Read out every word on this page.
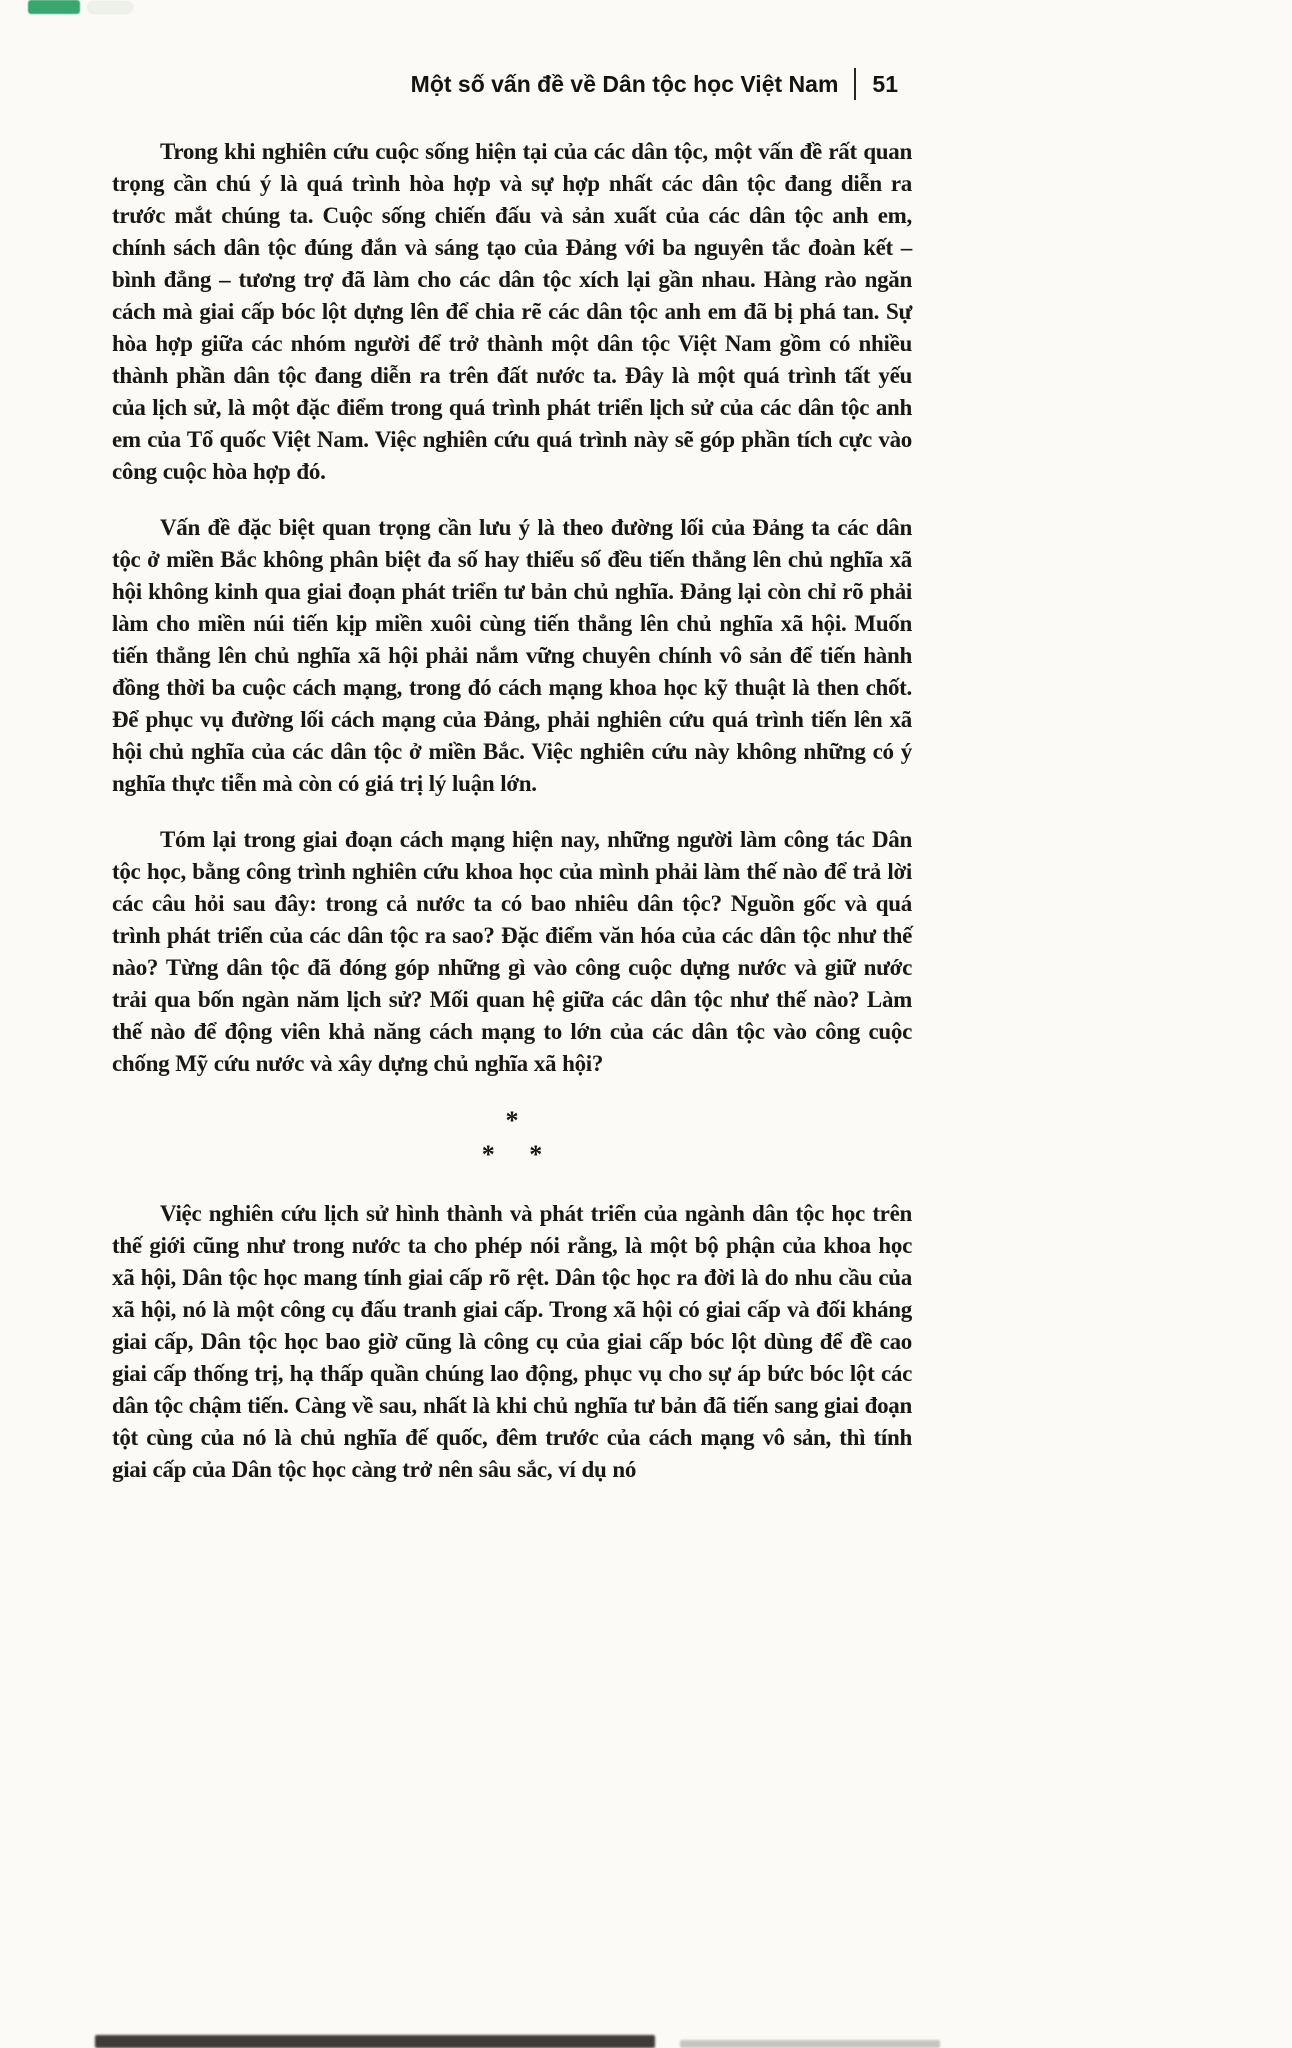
Một số vấn đề về Dân tộc học Việt Nam 51

Trong khi nghiên cứu cuộc sống hiện tại của các dân tộc, một vấn đề rất quan trọng cần chú ý là quá trình hòa hợp và sự hợp nhất các dân tộc đang diễn ra trước mắt chúng ta. Cuộc sống chiến đấu và sản xuất của các dân tộc anh em, chính sách dân tộc đúng đắn và sáng tạo của Đảng với ba nguyên tắc đoàn kết – bình đẳng – tương trợ đã làm cho các dân tộc xích lại gần nhau. Hàng rào ngăn cách mà giai cấp bóc lột dựng lên để chia rẽ các dân tộc anh em đã bị phá tan. Sự hòa hợp giữa các nhóm người để trở thành một dân tộc Việt Nam gồm có nhiều thành phần dân tộc đang diễn ra trên đất nước ta. Đây là một quá trình tất yếu của lịch sử, là một đặc điểm trong quá trình phát triển lịch sử của các dân tộc anh em của Tổ quốc Việt Nam. Việc nghiên cứu quá trình này sẽ góp phần tích cực vào công cuộc hòa hợp đó.

Vấn đề đặc biệt quan trọng cần lưu ý là theo đường lối của Đảng ta các dân tộc ở miền Bắc không phân biệt đa số hay thiểu số đều tiến thẳng lên chủ nghĩa xã hội không kinh qua giai đoạn phát triển tư bản chủ nghĩa. Đảng lại còn chỉ rõ phải làm cho miền núi tiến kịp miền xuôi cùng tiến thẳng lên chủ nghĩa xã hội. Muốn tiến thẳng lên chủ nghĩa xã hội phải nắm vững chuyên chính vô sản để tiến hành đồng thời ba cuộc cách mạng, trong đó cách mạng khoa học kỹ thuật là then chốt. Để phục vụ đường lối cách mạng của Đảng, phải nghiên cứu quá trình tiến lên xã hội chủ nghĩa của các dân tộc ở miền Bắc. Việc nghiên cứu này không những có ý nghĩa thực tiễn mà còn có giá trị lý luận lớn.

Tóm lại trong giai đoạn cách mạng hiện nay, những người làm công tác Dân tộc học, bằng công trình nghiên cứu khoa học của mình phải làm thế nào để trả lời các câu hỏi sau đây: trong cả nước ta có bao nhiêu dân tộc? Nguồn gốc và quá trình phát triển của các dân tộc ra sao? Đặc điểm văn hóa của các dân tộc như thế nào? Từng dân tộc đã đóng góp những gì vào công cuộc dựng nước và giữ nước trải qua bốn ngàn năm lịch sử? Mối quan hệ giữa các dân tộc như thế nào? Làm thế nào để động viên khả năng cách mạng to lớn của các dân tộc vào công cuộc chống Mỹ cứu nước và xây dựng chủ nghĩa xã hội?

*
* *

Việc nghiên cứu lịch sử hình thành và phát triển của ngành dân tộc học trên thế giới cũng như trong nước ta cho phép nói rằng, là một bộ phận của khoa học xã hội, Dân tộc học mang tính giai cấp rõ rệt. Dân tộc học ra đời là do nhu cầu của xã hội, nó là một công cụ đấu tranh giai cấp. Trong xã hội có giai cấp và đối kháng giai cấp, Dân tộc học bao giờ cũng là công cụ của giai cấp bóc lột dùng để đề cao giai cấp thống trị, hạ thấp quần chúng lao động, phục vụ cho sự áp bức bóc lột các dân tộc chậm tiến. Càng về sau, nhất là khi chủ nghĩa tư bản đã tiến sang giai đoạn tột cùng của nó là chủ nghĩa đế quốc, đêm trước của cách mạng vô sản, thì tính giai cấp của Dân tộc học càng trở nên sâu sắc, ví dụ nó
